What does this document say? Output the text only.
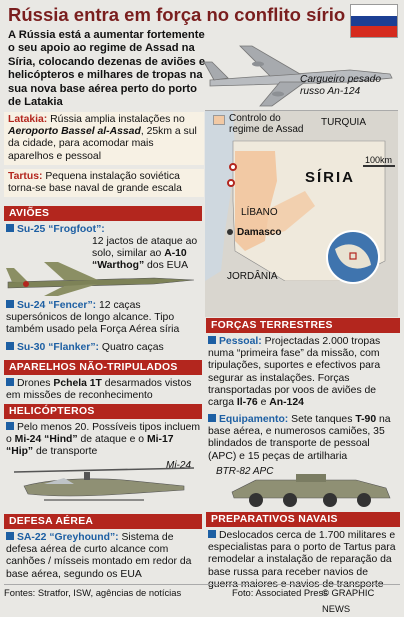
Rússia entra em força no conflito sírio
A Rússia está a aumentar fortemente o seu apoio ao regime de Assad na Síria, colocando dezenas de aviões e helicópteros e milhares de tropas na sua nova base aérea perto do porto de Latakia
Cargueiro pesado russo An-124
Latakia: Rússia amplia instalações no Aeroporto Bassel al-Assad, 25km a sul da cidade, para acomodar mais aparelhos e pessoal
Tartus: Pequena instalação soviética torna-se base naval de grande escala
Controlo do regime de Assad
TURQUIA
SÍRIA
LÍBANO
Damasco
JORDÂNIA
100km
AVIÕES
Su-25 “Frogfoot”:
12 jactos de ataque ao solo, similar ao A-10 “Warthog” dos EUA
Su-24 “Fencer”: 12 caças supersónicos de longo alcance. Tipo também usado pela Força Aérea síria
Su-30 “Flanker”: Quatro caças
APARELHOS NÃO-TRIPULADOS
Drones Pchela 1T desarmados vistos em missões de reconhecimento
HELICÓPTEROS
Pelo menos 20. Possíveis tipos incluem o Mi-24 “Hind” de ataque e o Mi-17 “Hip” de transporte
Mi-24
DEFESA AÉREA
SA-22 “Greyhound”: Sistema de defesa aérea de curto alcance com canhões / mísseis montado em redor da base aérea, segundo os EUA
FORÇAS TERRESTRES
Pessoal: Projectadas 2.000 tropas numa “primeira fase” da missão, com tripulações, suportes e efectivos para segurar as instalações. Forças transportadas por voos de aviões de carga Il-76 e An-124
Equipamento: Sete tanques T-90 na base aérea, e numerosos camiões, 35 blindados de transporte de pessoal (APC) e 15 peças de artilharia
BTR-82 APC
PREPARATIVOS NAVAIS
Deslocados cerca de 1.700 militares e especialistas para o porto de Tartus para remodelar a instalação de reparação da base russa para receber navios de guerra maiores e navios de transporte
Fontes: Stratfor, ISW, agências de notícias	Foto: Associated Press
© GRAPHIC NEWS
